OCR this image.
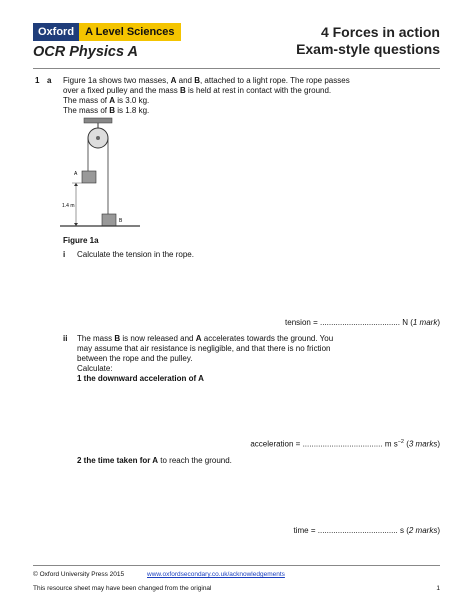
Oxford	A Level Sciences
OCR Physics A
4 Forces in action
Exam-style questions
1 a Figure 1a shows two masses, A and B, attached to a light rope. The rope passes
over a fixed pulley and the mass B is held at rest in contact with the ground.
The mass of A is 3.0 kg.
The mass of B is 1.8 kg.
A
B
1.4 m
Figure 1a
i Calculate the tension in the rope.
tension = .................................... N (1 mark)
ii The mass B is now released and A accelerates towards the ground. You
may assume that air resistance is negligible, and that there is no friction
between the rope and the pulley.
Calculate:
1 the downward acceleration of A
acceleration = .................................... m $s^{-2}$ (3 marks)
2 the time taken for A to reach the ground.
time = .................................... s (2 marks)
© Oxford University Press 2015	www.oxfordsecondary.co.uk/acknowledgements
This resource sheet may have been changed from the original	1
